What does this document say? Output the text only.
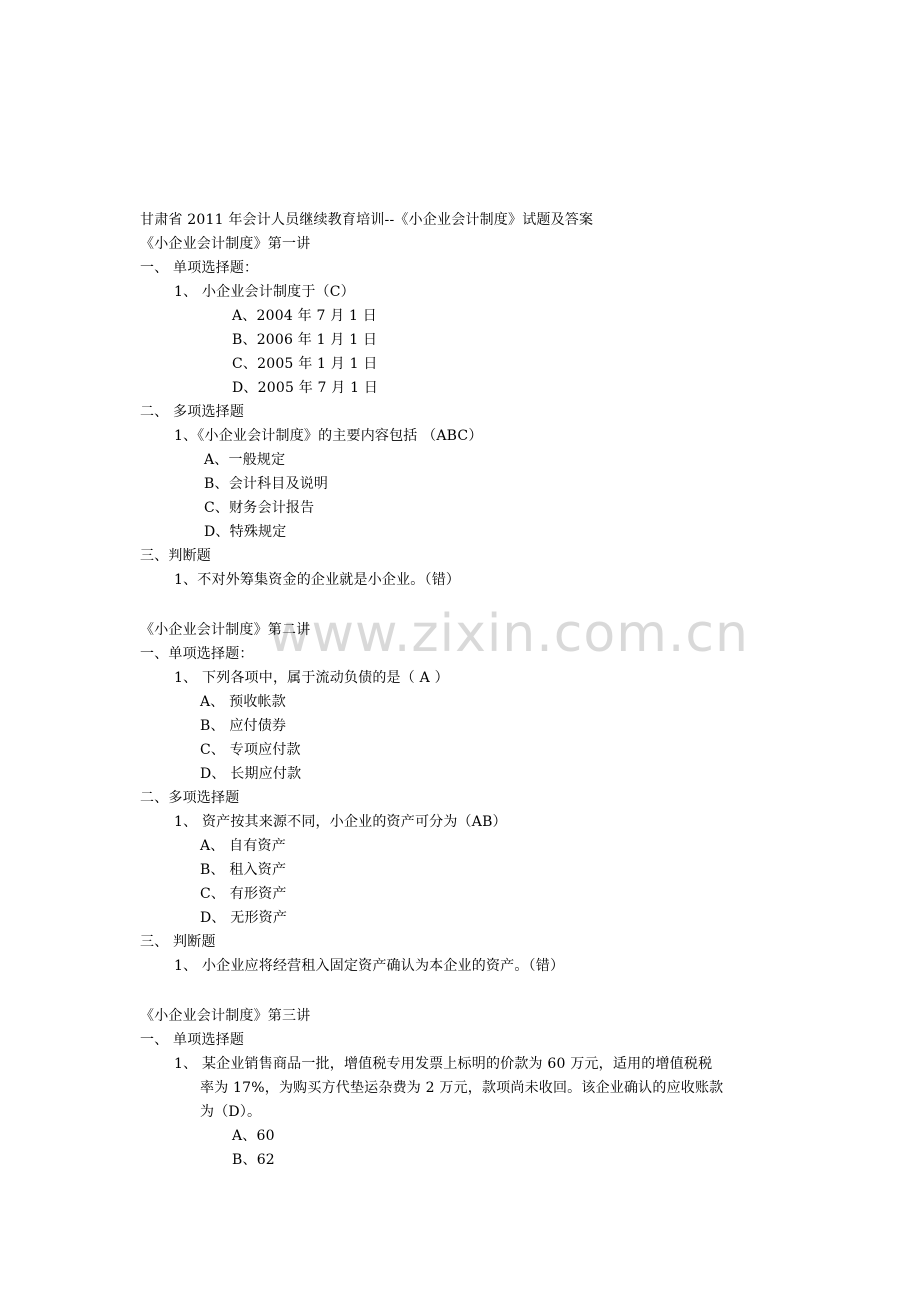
www.zixin.com.cn
甘肃省 2011 年会计人员继续教育培训--《小企业会计制度》试题及答案
《小企业会计制度》第一讲
一、 单项选择题：
1、 小企业会计制度于（C）
A、2004 年 7 月 1 日
B、2006 年 1 月 1 日
C、2005 年 1 月 1 日
D、2005 年 7 月 1 日
二、 多项选择题
1、《小企业会计制度》的主要内容包括 （ABC）
A、一般规定
B、会计科目及说明
C、财务会计报告
D、特殊规定
三、判断题
1、不对外筹集资金的企业就是小企业。（错）
《小企业会计制度》第二讲
一、单项选择题：
1、 下列各项中，属于流动负债的是（ A ）
A、 预收帐款
B、 应付债券
C、 专项应付款
D、 长期应付款
二、多项选择题
1、 资产按其来源不同，小企业的资产可分为（AB）
A、 自有资产
B、 租入资产
C、 有形资产
D、 无形资产
三、 判断题
1、 小企业应将经营租入固定资产确认为本企业的资产。（错）
《小企业会计制度》第三讲
一、 单项选择题
1、 某企业销售商品一批，增值税专用发票上标明的价款为 60 万元，适用的增值税税
率为 17%，为购买方代垫运杂费为 2 万元，款项尚未收回。该企业确认的应收账款
为（D）。
A、60
B、62
